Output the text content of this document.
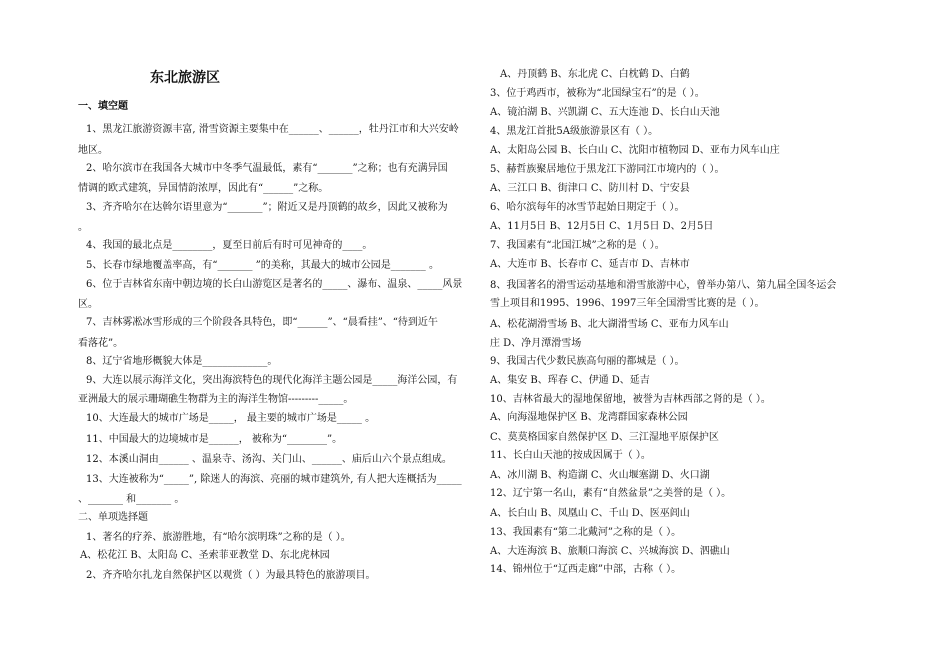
东北旅游区
一、填空题
1、黑龙江旅游资源丰富, 滑雪资源主要集中在______、______，牡丹江市和大兴安岭
地区。
2、哈尔滨市在我国各大城市中冬季气温最低，素有“_______”之称；也有充满异国
情调的欧式建筑，异国情韵浓厚，因此有“______”之称。
3、齐齐哈尔在达斡尔语里意为“_______”；附近又是丹顶鹤的故乡，因此又被称为
。
4、我国的最北点是________，夏至日前后有时可见神奇的____。
5、长春市绿地覆盖率高，有“_______ ”的美称，其最大的城市公园是_______ 。
6、位于吉林省东南中朝边境的长白山游览区是著名的_____、瀑布、温泉、_____风景
区。
7、吉林雾凇冰雪形成的三个阶段各具特色，即“______”、“晨看挂”、“待到近午
看落花”。
8、辽宁省地形概貌大体是_____________。
9、大连以展示海洋文化，突出海滨特色的现代化海洋主题公园是_____海洋公园，有
亚洲最大的展示珊瑚礁生物群为主的海洋生物馆---------_____。
10、大连最大的城市广场是_____， 最主要的城市广场是_____ 。
11、中国最大的边境城市是______， 被称为“________”。
12、本溪山洞由______ 、温泉寺、汤沟、关门山、______、庙后山六个景点组成。
13、大连被称为“_____”, 除迷人的海滨、亮丽的城市建筑外, 有人把大连概括为_____
、_______ 和_______ 。
二、单项选择题
1、著名的疗养、旅游胜地，有“哈尔滨明珠”之称的是（ ）。
A、松花江 B、太阳岛 C、圣索菲亚教堂 D、东北虎林园
2、齐齐哈尔扎龙自然保护区以观赏（ ）为最具特色的旅游项目。
A、丹顶鹤 B、东北虎 C、白枕鹤 D、白鹤
3、位于鸡西市，被称为“北国绿宝石”的是（ ）。
A、镜泊湖 B、兴凯湖 C、五大连池 D、长白山天池
4、黑龙江首批5A级旅游景区有（ ）。
A、太阳岛公园 B、长白山 C、沈阳市植物园 D、亚布力风车山庄
5、赫哲族聚居地位于黑龙江下游同江市境内的（ ）。
A、三江口 B、街津口 C、防川村 D、宁安县
6、哈尔滨每年的冰雪节起始日期定于（ ）。
A、11月5日 B、12月5日 C、1月5日 D、2月5日
7、我国素有“北国江城”之称的是（ ）。
A、大连市 B、长春市 C、延吉市 D、吉林市
8、我国著名的滑雪运动基地和滑雪旅游中心，曾举办第八、第九届全国冬运会
雪上项目和1995、1996、1997三年全国滑雪比赛的是（ ）。
A、松花湖滑雪场 B、北大湖滑雪场 C、亚布力风车山
庄 D、净月潭滑雪场
9、我国古代少数民族高句丽的都城是（ ）。
A、集安 B、珲春 C、伊通 D、延吉
10、吉林省最大的湿地保留地，被誉为吉林西部之肾的是（ ）。
A、向海湿地保护区 B、龙湾群国家森林公园
C、莫莫格国家自然保护区 D、三江湿地平原保护区
11、长白山天池的按成因属于（ ）。
A、冰川湖 B、构造湖 C、火山堰塞湖 D、火口湖
12、辽宁第一名山，素有“自然盆景”之美誉的是（ ）。
A、长白山 B、凤凰山 C、千山 D、医巫闾山
13、我国素有“第二北戴河”之称的是（ ）。
A、大连海滨 B、旅顺口海滨 C、兴城海滨 D、泗礁山
14、锦州位于“辽西走廊”中部，古称（ ）。
